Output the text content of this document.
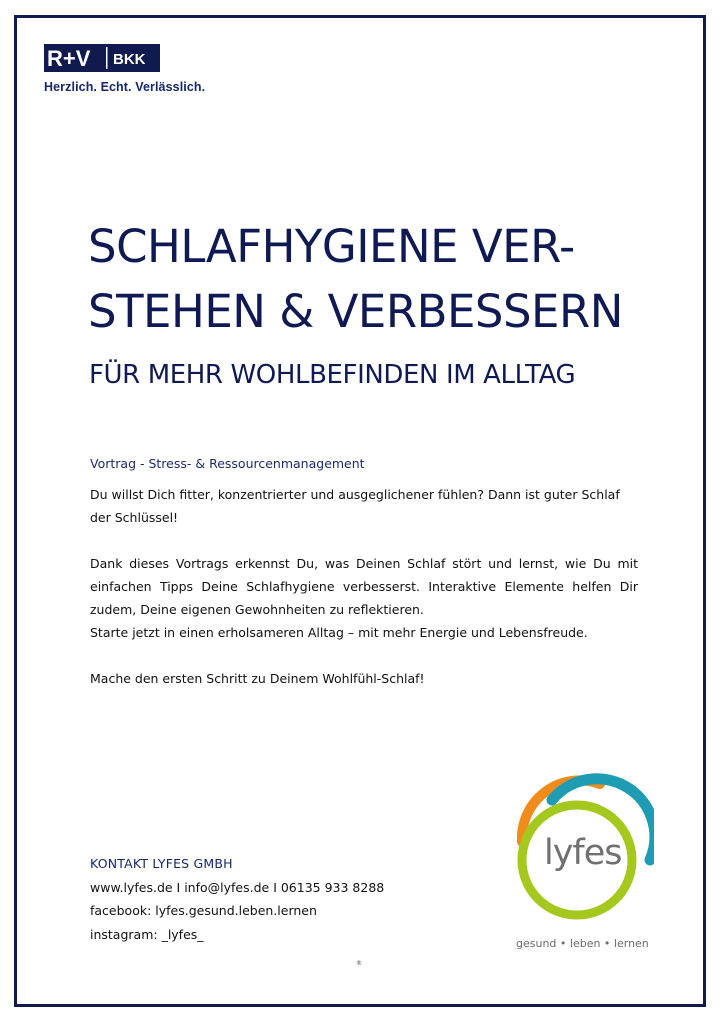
R+V BKK
Herzlich. Echt. Verlässlich.
SCHLAFHYGIENE VER-
STEHEN & VERBESSERN
FÜR MEHR WOHLBEFINDEN IM ALLTAG
Vortrag - Stress- & Ressourcenmanagement

Du willst Dich fitter, konzentrierter und ausgeglichener fühlen? Dann ist guter Schlaf der Schlüssel!

Dank dieses Vortrags erkennst Du, was Deinen Schlaf stört und lernst, wie Du mit einfachen Tipps Deine Schlafhygiene verbesserst. Interaktive Elemente helfen Dir zudem, Deine eigenen Gewohnheiten zu reflektieren.

Starte jetzt in einen erholsameren Alltag – mit mehr Energie und Lebensfreude.

Mache den ersten Schritt zu Deinem Wohlfühl-Schlaf!

KONTAKT LYFES GMBH
www.lyfes.de I info@lyfes.de I 06135 933 8288
facebook: lyfes.gesund.leben.lernen
instagram: _lyfes_
lyfes
gesund • leben • lernen
®
